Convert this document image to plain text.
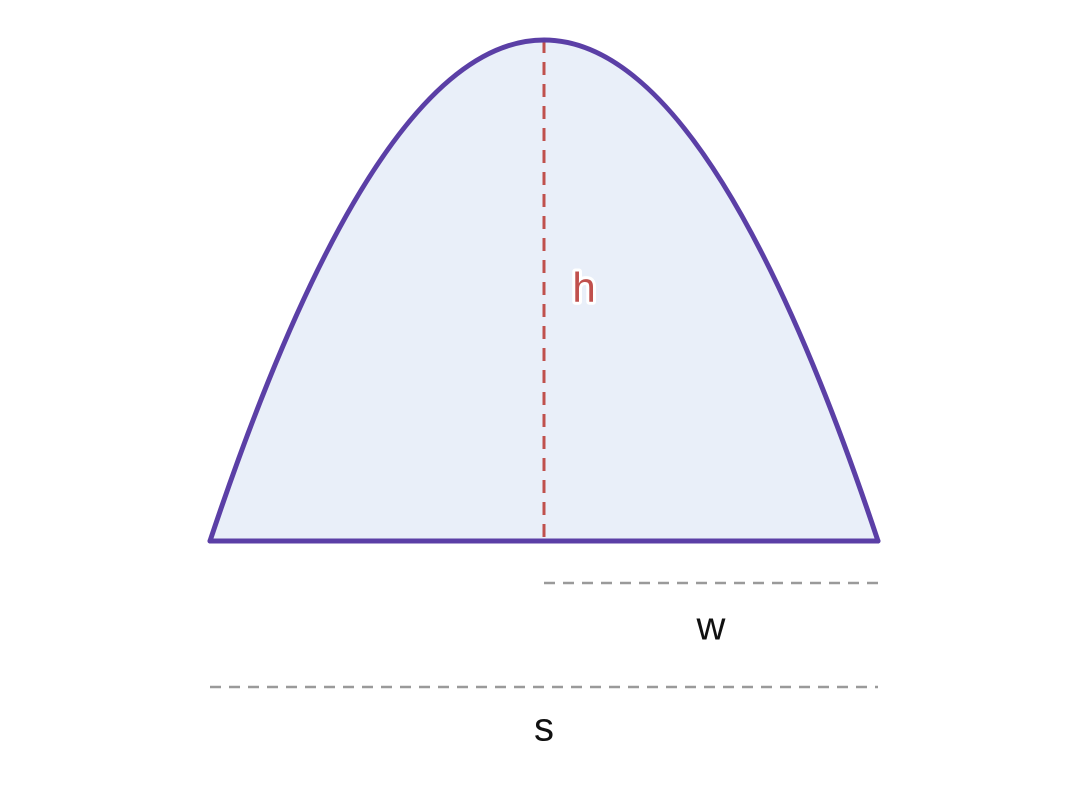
h
w
s
